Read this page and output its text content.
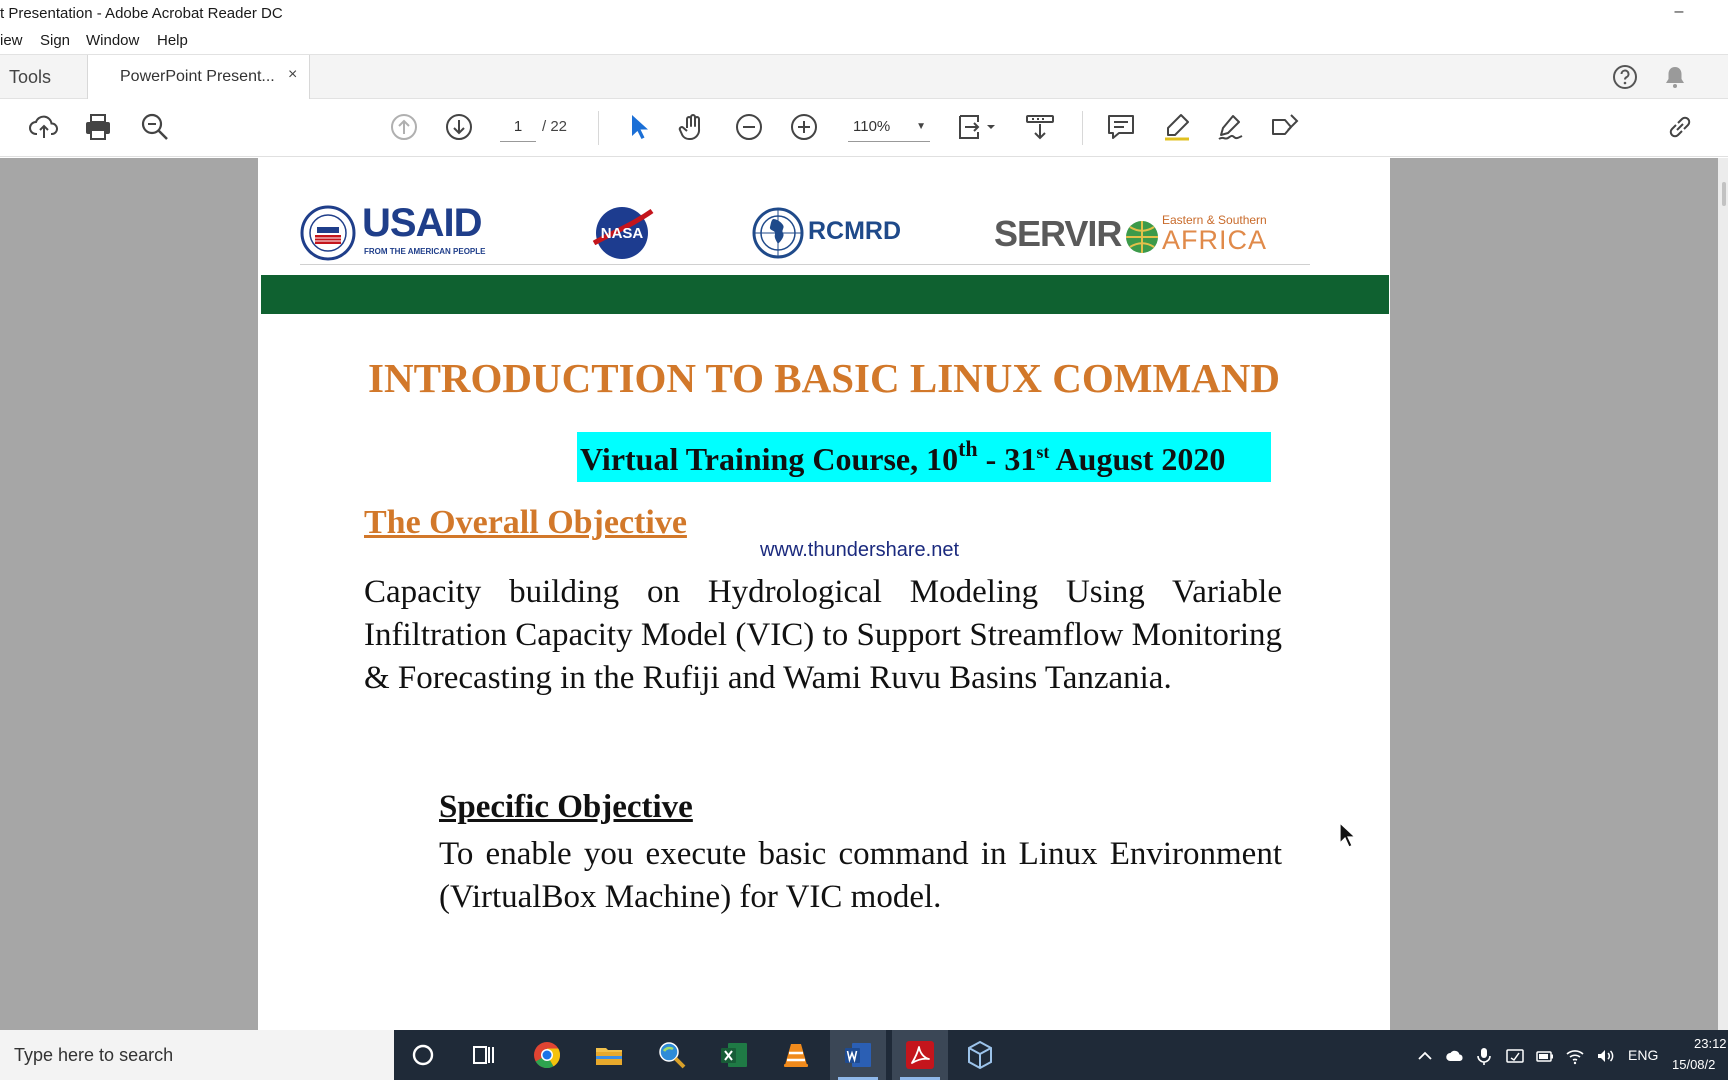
t Presentation - Adobe Acrobat Reader DC	–
iew Sign Window Help
Tools	PowerPoint Present... ×
1	/ 22	110%	▼
USAID
FROM THE AMERICAN PEOPLE
NASA	RCMRD	SERVIR	Eastern & Southern
AFRICA
INTRODUCTION TO BASIC LINUX COMMAND
Virtual Training Course, 10th - 31st August 2020
The Overall Objective
www.thundershare.net
Capacity building on Hydrological Modeling Using Variable Infiltration Capacity Model (VIC) to Support Streamflow Monitoring & Forecasting in the Rufiji and Wami Ruvu Basins Tanzania.
Specific Objective
To enable you execute basic command in Linux Environment (VirtualBox Machine) for VIC model.
Type here to search	ENG
23:12
15/08/2
